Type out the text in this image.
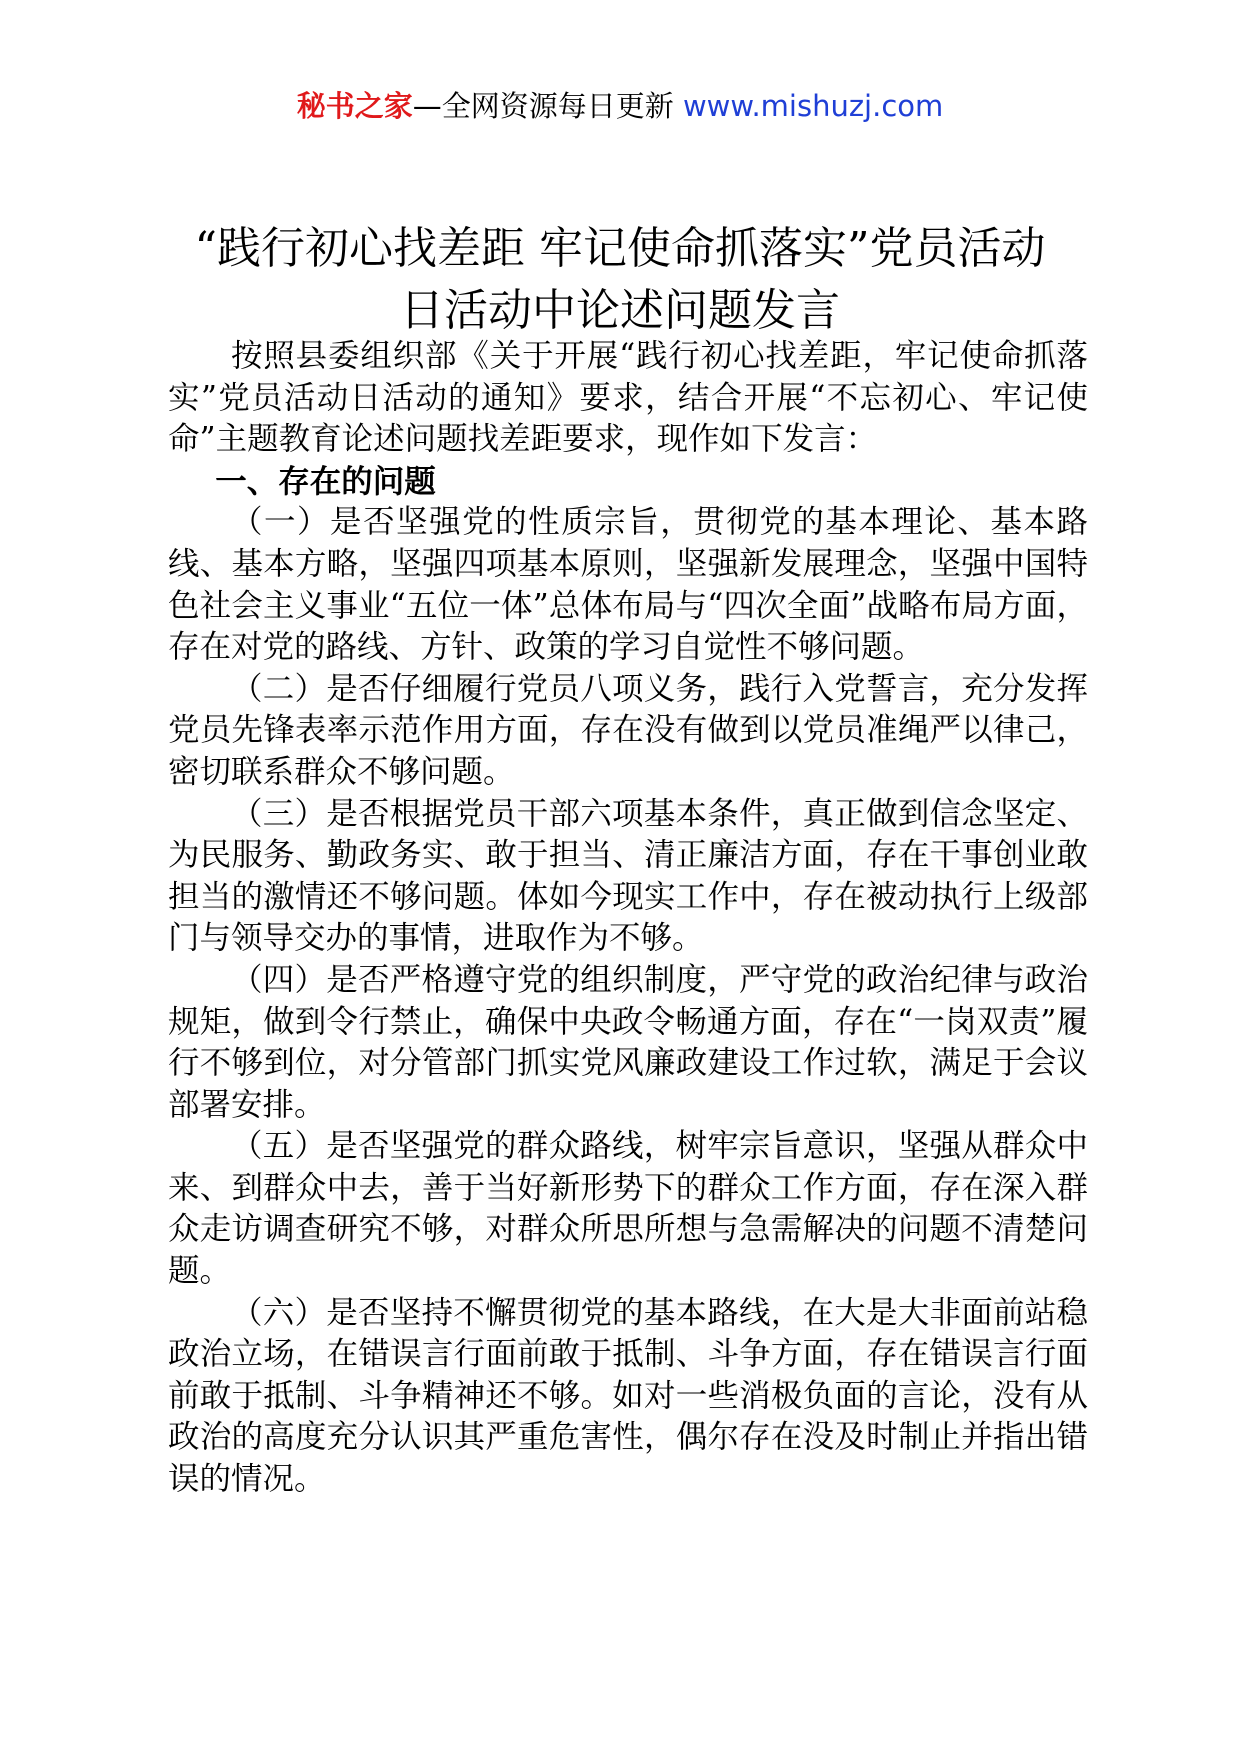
秘书之家—全网资源每日更新 www.mishuzj.com
“践行初心找差距 牢记使命抓落实”党员活动
日活动中论述问题发言

按照县委组织部《关于开展“践行初心找差距，牢记使命抓落实”党员活动日活动的通知》要求，结合开展“不忘初心、牢记使命”主题教育论述问题找差距要求，现作如下发言：

一、存在的问题

（一）是否坚强党的性质宗旨，贯彻党的基本理论、基本路线、基本方略，坚强四项基本原则，坚强新发展理念，坚强中国特色社会主义事业“五位一体”总体布局与“四次全面”战略布局方面，存在对党的路线、方针、政策的学习自觉性不够问题。

（二）是否仔细履行党员八项义务，践行入党誓言，充分发挥党员先锋表率示范作用方面，存在没有做到以党员准绳严以律己，密切联系群众不够问题。

（三）是否根据党员干部六项基本条件，真正做到信念坚定、为民服务、勤政务实、敢于担当、清正廉洁方面，存在干事创业敢担当的激情还不够问题。体如今现实工作中，存在被动执行上级部门与领导交办的事情，进取作为不够。

（四）是否严格遵守党的组织制度，严守党的政治纪律与政治规矩，做到令行禁止，确保中央政令畅通方面，存在“一岗双责”履行不够到位，对分管部门抓实党风廉政建设工作过软，满足于会议部署安排。

（五）是否坚强党的群众路线，树牢宗旨意识，坚强从群众中来、到群众中去，善于当好新形势下的群众工作方面，存在深入群众走访调查研究不够，对群众所思所想与急需解决的问题不清楚问题。

（六）是否坚持不懈贯彻党的基本路线，在大是大非面前站稳政治立场，在错误言行面前敢于抵制、斗争方面，存在错误言行面前敢于抵制、斗争精神还不够。如对一些消极负面的言论，没有从政治的高度充分认识其严重危害性，偶尔存在没及时制止并指出错误的情况。
